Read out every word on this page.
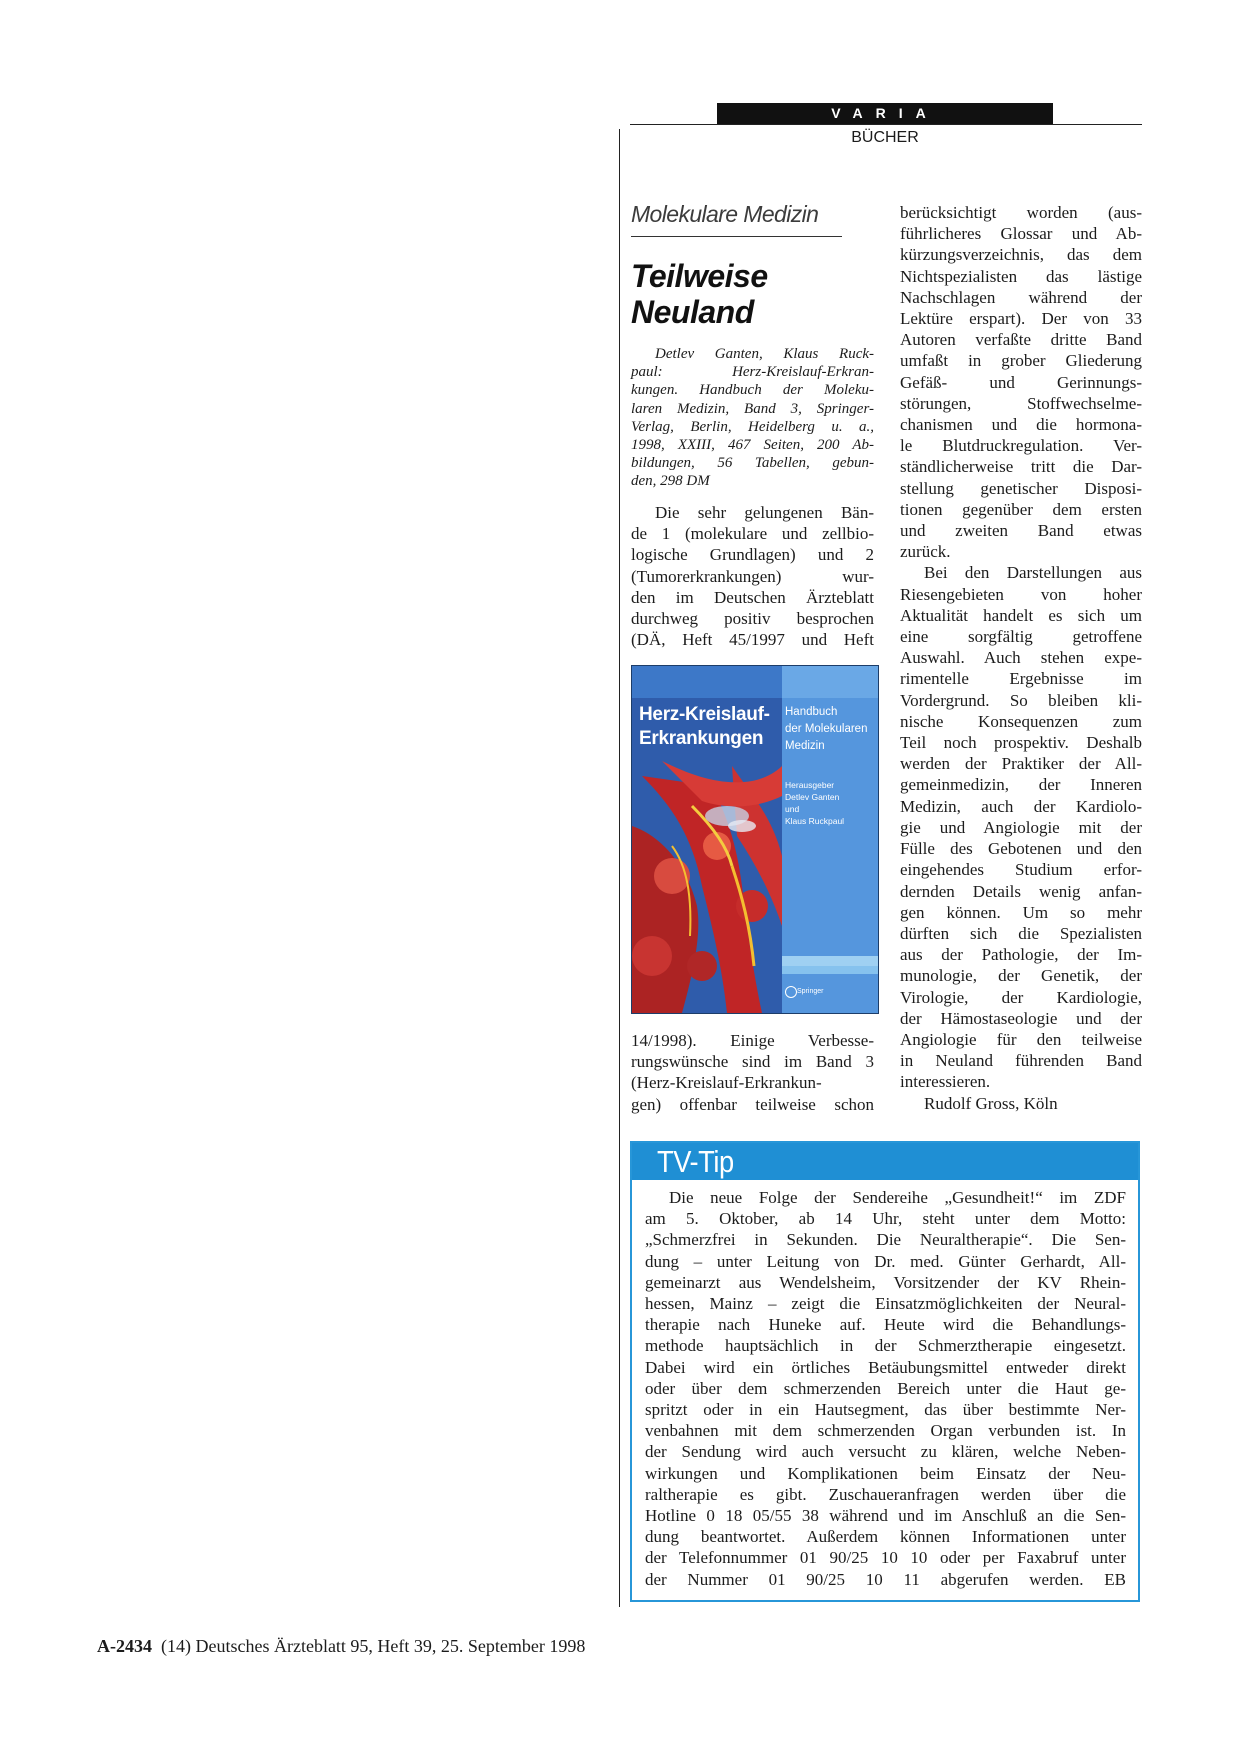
VARIA
BÜCHER
Molekulare Medizin
Teilweise
Neuland
Detlev Ganten, Klaus Ruck-
paul: Herz-Kreislauf-Erkran-
kungen. Handbuch der Moleku-
laren Medizin, Band 3, Springer-
Verlag, Berlin, Heidelberg u. a.,
1998, XXIII, 467 Seiten, 200 Ab-
bildungen, 56 Tabellen, gebun-
den, 298 DM
Die sehr gelungenen Bän-
de 1 (molekulare und zellbio-
logische Grundlagen) und 2
(Tumorerkrankungen) wur-
den im Deutschen Ärzteblatt
durchweg positiv besprochen
(DÄ, Heft 45/1997 und Heft
Herz-Kreislauf-
Erkrankungen
Handbuch
der Molekularen
Medizin
Herausgeber
Detlev Ganten
und
Klaus Ruckpaul
Springer
14/1998). Einige Verbesse-
rungswünsche sind im Band 3
(Herz-Kreislauf-Erkrankun-
gen) offenbar teilweise schon
berücksichtigt worden (aus-
führlicheres Glossar und Ab-
kürzungsverzeichnis, das dem
Nichtspezialisten das lästige
Nachschlagen während der
Lektüre erspart). Der von 33
Autoren verfaßte dritte Band
umfaßt in grober Gliederung
Gefäß- und Gerinnungs-
störungen, Stoffwechselme-
chanismen und die hormona-
le Blutdruckregulation. Ver-
ständlicherweise tritt die Dar-
stellung genetischer Disposi-
tionen gegenüber dem ersten
und zweiten Band etwas
zurück.
Bei den Darstellungen aus
Riesengebieten von hoher
Aktualität handelt es sich um
eine sorgfältig getroffene
Auswahl. Auch stehen expe-
rimentelle Ergebnisse im
Vordergrund. So bleiben kli-
nische Konsequenzen zum
Teil noch prospektiv. Deshalb
werden der Praktiker der All-
gemeinmedizin, der Inneren
Medizin, auch der Kardiolo-
gie und Angiologie mit der
Fülle des Gebotenen und den
eingehendes Studium erfor-
dernden Details wenig anfan-
gen können. Um so mehr
dürften sich die Spezialisten
aus der Pathologie, der Im-
munologie, der Genetik, der
Virologie, der Kardiologie,
der Hämostaseologie und der
Angiologie für den teilweise
in Neuland führenden Band
interessieren.
Rudolf Gross, Köln
TV-Tip
Die neue Folge der Sendereihe „Gesundheit!“ im ZDF
am 5. Oktober, ab 14 Uhr, steht unter dem Motto:
„Schmerzfrei in Sekunden. Die Neuraltherapie“. Die Sen-
dung – unter Leitung von Dr. med. Günter Gerhardt, All-
gemeinarzt aus Wendelsheim, Vorsitzender der KV Rhein-
hessen, Mainz – zeigt die Einsatzmöglichkeiten der Neural-
therapie nach Huneke auf. Heute wird die Behandlungs-
methode hauptsächlich in der Schmerztherapie eingesetzt.
Dabei wird ein örtliches Betäubungsmittel entweder direkt
oder über dem schmerzenden Bereich unter die Haut ge-
spritzt oder in ein Hautsegment, das über bestimmte Ner-
venbahnen mit dem schmerzenden Organ verbunden ist. In
der Sendung wird auch versucht zu klären, welche Neben-
wirkungen und Komplikationen beim Einsatz der Neu-
raltherapie es gibt. Zuschaueranfragen werden über die
Hotline 0 18 05/55 38 während und im Anschluß an die Sen-
dung beantwortet. Außerdem können Informationen unter
der Telefonnummer 01 90/25 10 10 oder per Faxabruf unter
der Nummer 01 90/25 10 11 abgerufen werden. EB
A-2434 (14) Deutsches Ärzteblatt 95, Heft 39, 25. September 1998
